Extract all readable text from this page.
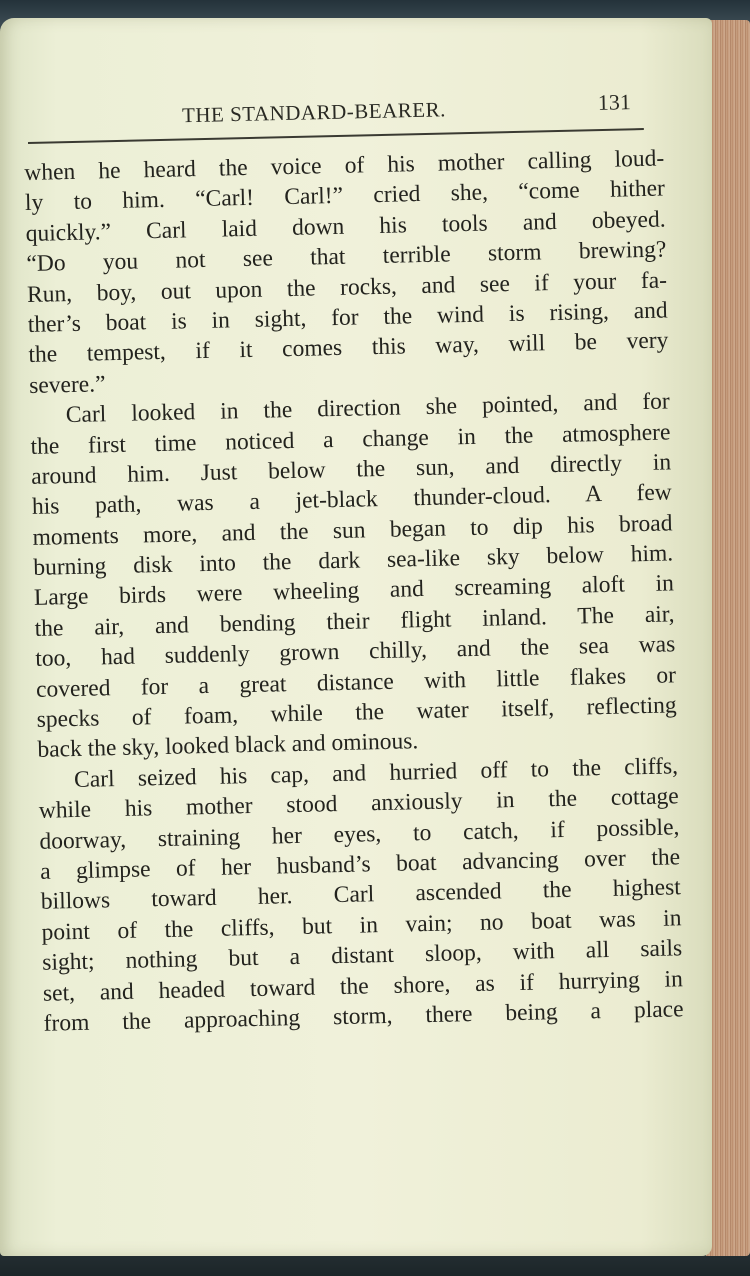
THE STANDARD-BEARER.	131
when he heard the voice of his mother calling loud-
ly to him. “Carl! Carl!” cried she, “come hither
quickly.” Carl laid down his tools and obeyed.
“Do you not see that terrible storm brewing?
Run, boy, out upon the rocks, and see if your fa-
ther’s boat is in sight, for the wind is rising, and
the tempest, if it comes this way, will be very
severe.”
Carl looked in the direction she pointed, and for
the first time noticed a change in the atmosphere
around him. Just below the sun, and directly in
his path, was a jet-black thunder-cloud. A few
moments more, and the sun began to dip his broad
burning disk into the dark sea-like sky below him.
Large birds were wheeling and screaming aloft in
the air, and bending their flight inland. The air,
too, had suddenly grown chilly, and the sea was
covered for a great distance with little flakes or
specks of foam, while the water itself, reflecting
back the sky, looked black and ominous.
Carl seized his cap, and hurried off to the cliffs,
while his mother stood anxiously in the cottage
doorway, straining her eyes, to catch, if possible,
a glimpse of her husband’s boat advancing over the
billows toward her. Carl ascended the highest
point of the cliffs, but in vain; no boat was in
sight; nothing but a distant sloop, with all sails
set, and headed toward the shore, as if hurrying in
from the approaching storm, there being a place
